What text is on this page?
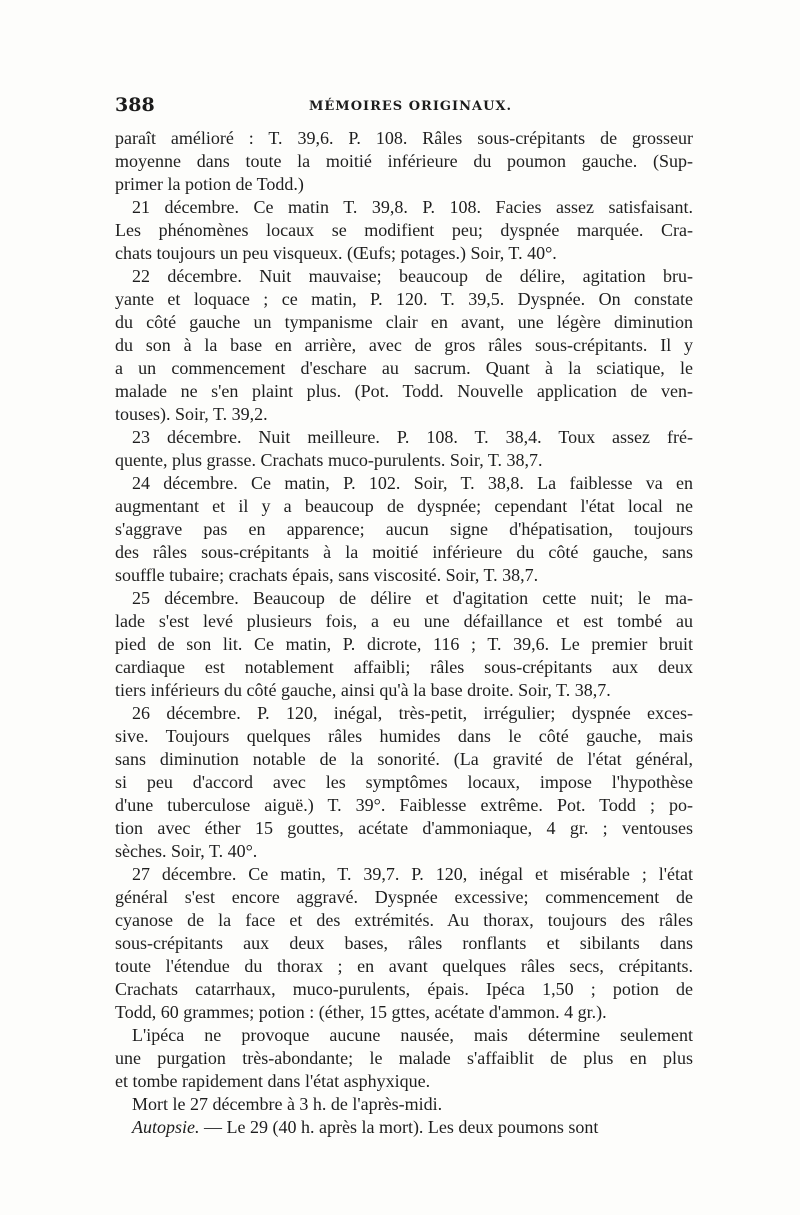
388	MÉMOIRES ORIGINAUX.
paraît amélioré : T. 39,6. P. 108. Râles sous-crépitants de grosseur
moyenne dans toute la moitié inférieure du poumon gauche. (Sup-
primer la potion de Todd.)
21 décembre. Ce matin T. 39,8. P. 108. Facies assez satisfaisant.
Les phénomènes locaux se modifient peu; dyspnée marquée. Cra-
chats toujours un peu visqueux. (Œufs; potages.) Soir, T. 40°.
22 décembre. Nuit mauvaise; beaucoup de délire, agitation bru-
yante et loquace ; ce matin, P. 120. T. 39,5. Dyspnée. On constate
du côté gauche un tympanisme clair en avant, une légère diminution
du son à la base en arrière, avec de gros râles sous-crépitants. Il y
a un commencement d'eschare au sacrum. Quant à la sciatique, le
malade ne s'en plaint plus. (Pot. Todd. Nouvelle application de ven-
touses). Soir, T. 39,2.
23 décembre. Nuit meilleure. P. 108. T. 38,4. Toux assez fré-
quente, plus grasse. Crachats muco-purulents. Soir, T. 38,7.
24 décembre. Ce matin, P. 102. Soir, T. 38,8. La faiblesse va en
augmentant et il y a beaucoup de dyspnée; cependant l'état local ne
s'aggrave pas en apparence; aucun signe d'hépatisation, toujours
des râles sous-crépitants à la moitié inférieure du côté gauche, sans
souffle tubaire; crachats épais, sans viscosité. Soir, T. 38,7.
25 décembre. Beaucoup de délire et d'agitation cette nuit; le ma-
lade s'est levé plusieurs fois, a eu une défaillance et est tombé au
pied de son lit. Ce matin, P. dicrote, 116 ; T. 39,6. Le premier bruit
cardiaque est notablement affaibli; râles sous-crépitants aux deux
tiers inférieurs du côté gauche, ainsi qu'à la base droite. Soir, T. 38,7.
26 décembre. P. 120, inégal, très-petit, irrégulier; dyspnée exces-
sive. Toujours quelques râles humides dans le côté gauche, mais
sans diminution notable de la sonorité. (La gravité de l'état général,
si peu d'accord avec les symptômes locaux, impose l'hypothèse
d'une tuberculose aiguë.) T. 39°. Faiblesse extrême. Pot. Todd ; po-
tion avec éther 15 gouttes, acétate d'ammoniaque, 4 gr. ; ventouses
sèches. Soir, T. 40°.
27 décembre. Ce matin, T. 39,7. P. 120, inégal et misérable ; l'état
général s'est encore aggravé. Dyspnée excessive; commencement de
cyanose de la face et des extrémités. Au thorax, toujours des râles
sous-crépitants aux deux bases, râles ronflants et sibilants dans
toute l'étendue du thorax ; en avant quelques râles secs, crépitants.
Crachats catarrhaux, muco-purulents, épais. Ipéca 1,50 ; potion de
Todd, 60 grammes; potion : (éther, 15 gttes, acétate d'ammon. 4 gr.).
L'ipéca ne provoque aucune nausée, mais détermine seulement
une purgation très-abondante; le malade s'affaiblit de plus en plus
et tombe rapidement dans l'état asphyxique.
Mort le 27 décembre à 3 h. de l'après-midi.
Autopsie. — Le 29 (40 h. après la mort). Les deux poumons sont
